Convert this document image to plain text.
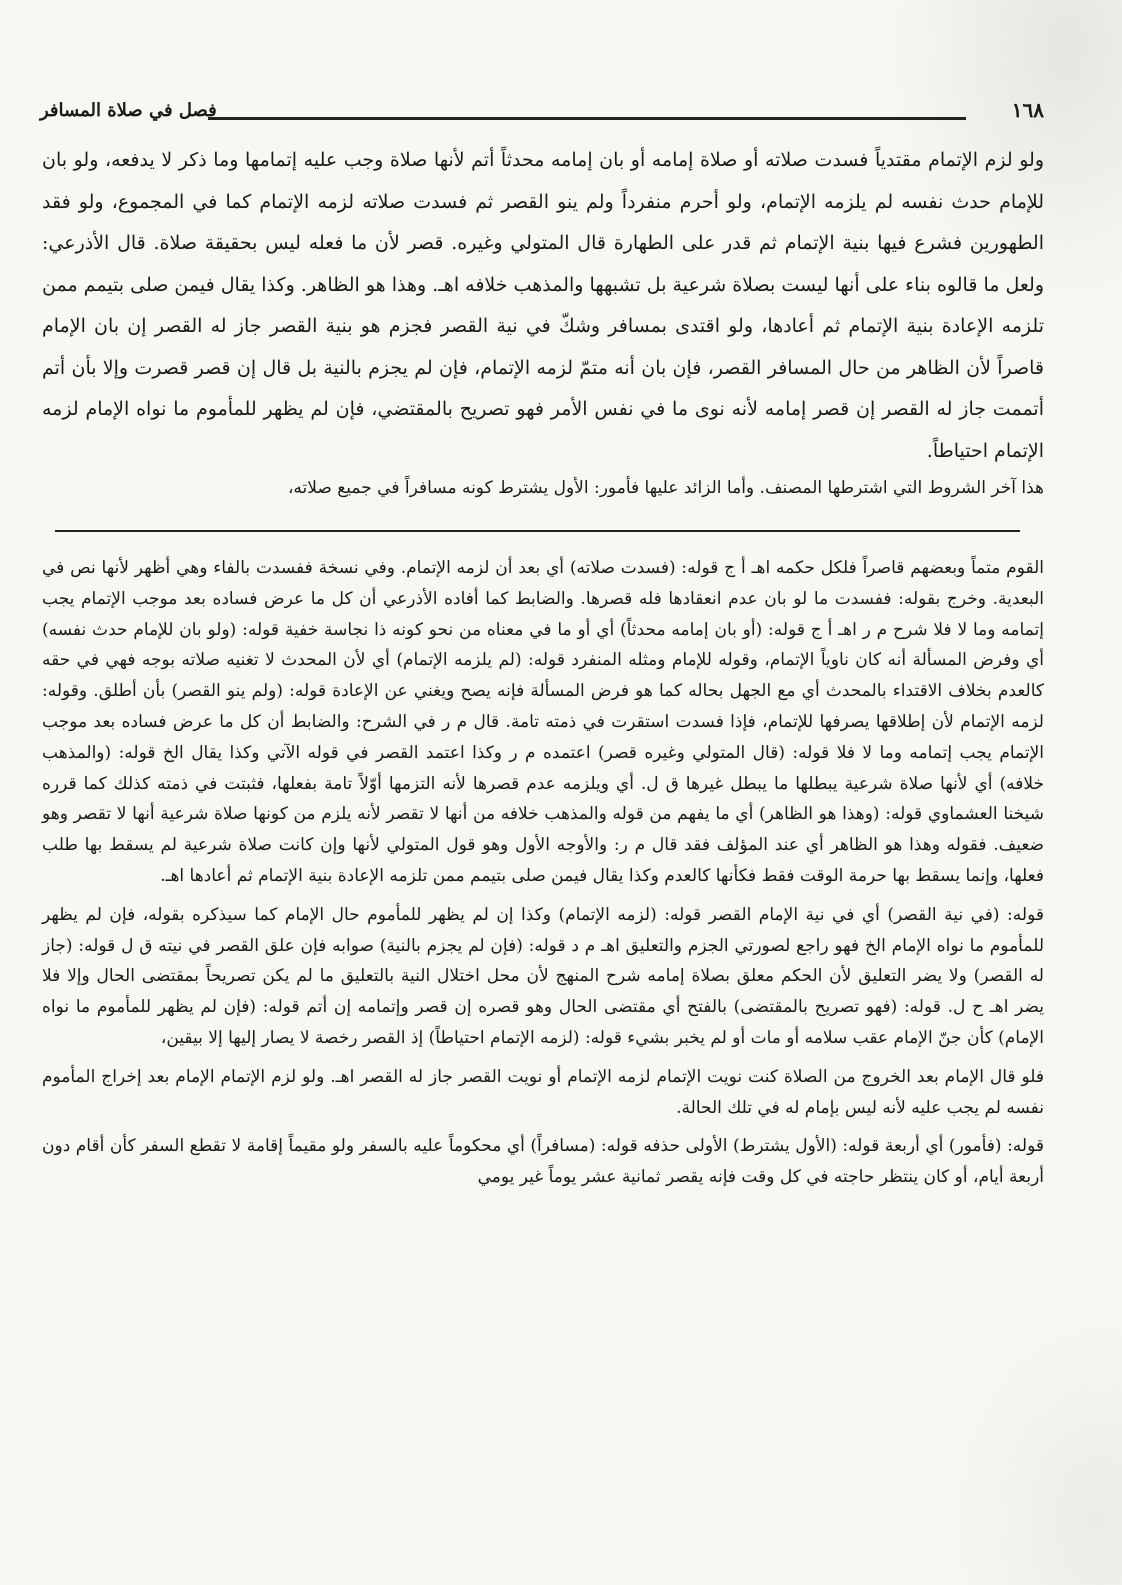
١٦٨
فصل في صلاة المسافر

ولو لزم الإتمام مقتدياً فسدت صلاته أو صلاة إمامه أو بان إمامه محدثاً أتم لأنها صلاة وجب عليه إتمامها وما ذكر لا يدفعه، ولو بان للإمام حدث نفسه لم يلزمه الإتمام، ولو أحرم منفرداً ولم ينو القصر ثم فسدت صلاته لزمه الإتمام كما في المجموع، ولو فقد الطهورين فشرع فيها بنية الإتمام ثم قدر على الطهارة قال المتولي وغيره. قصر لأن ما فعله ليس بحقيقة صلاة. قال الأذرعي: ولعل ما قالوه بناء على أنها ليست بصلاة شرعية بل تشبهها والمذهب خلافه اهـ. وهذا هو الظاهر. وكذا يقال فيمن صلى بتيمم ممن تلزمه الإعادة بنية الإتمام ثم أعادها، ولو اقتدى بمسافر وشكّ في نية القصر فجزم هو بنية القصر جاز له القصر إن بان الإمام قاصراً لأن الظاهر من حال المسافر القصر، فإن بان أنه متمّ لزمه الإتمام، فإن لم يجزم بالنية بل قال إن قصر قصرت وإلا بأن أتم أتممت جاز له القصر إن قصر إمامه لأنه نوى ما في نفس الأمر فهو تصريح بالمقتضي، فإن لم يظهر للمأموم ما نواه الإمام لزمه الإتمام احتياطاً.

هذا آخر الشروط التي اشترطها المصنف. وأما الزائد عليها فأمور: الأول يشترط كونه مسافراً في جميع صلاته،

القوم متماً وبعضهم قاصراً فلكل حكمه اهـ أ ج قوله: (فسدت صلاته) أي بعد أن لزمه الإتمام. وفي نسخة ففسدت بالفاء وهي أظهر لأنها نص في البعدية. وخرج بقوله: ففسدت ما لو بان عدم انعقادها فله قصرها. والضابط كما أفاده الأذرعي أن كل ما عرض فساده بعد موجب الإتمام يجب إتمامه وما لا فلا شرح م ر اهـ أ ج قوله: (أو بان إمامه محدثاً) أي أو ما في معناه من نحو كونه ذا نجاسة خفية قوله: (ولو بان للإمام حدث نفسه) أي وفرض المسألة أنه كان ناوياً الإتمام، وقوله للإمام ومثله المنفرد قوله: (لم يلزمه الإتمام) أي لأن المحدث لا تغنيه صلاته بوجه فهي في حقه كالعدم بخلاف الاقتداء بالمحدث أي مع الجهل بحاله كما هو فرض المسألة فإنه يصح ويغني عن الإعادة قوله: (ولم ينو القصر) بأن أطلق. وقوله: لزمه الإتمام لأن إطلاقها يصرفها للإتمام، فإذا فسدت استقرت في ذمته تامة. قال م ر في الشرح: والضابط أن كل ما عرض فساده بعد موجب الإتمام يجب إتمامه وما لا فلا قوله: (قال المتولي وغيره قصر) اعتمده م ر وكذا اعتمد القصر في قوله الآتي وكذا يقال الخ قوله: (والمذهب خلافه) أي لأنها صلاة شرعية يبطلها ما يبطل غيرها ق ل. أي ويلزمه عدم قصرها لأنه التزمها أوّلاً تامة بفعلها، فثبتت في ذمته كذلك كما قرره شيخنا العشماوي قوله: (وهذا هو الظاهر) أي ما يفهم من قوله والمذهب خلافه من أنها لا تقصر لأنه يلزم من كونها صلاة شرعية أنها لا تقصر وهو ضعيف. فقوله وهذا هو الظاهر أي عند المؤلف فقد قال م ر: والأوجه الأول وهو قول المتولي لأنها وإن كانت صلاة شرعية لم يسقط بها طلب فعلها، وإنما يسقط بها حرمة الوقت فقط فكأنها كالعدم وكذا يقال فيمن صلى بتيمم ممن تلزمه الإعادة بنية الإتمام ثم أعادها اهـ.

قوله: (في نية القصر) أي في نية الإمام القصر قوله: (لزمه الإتمام) وكذا إن لم يظهر للمأموم حال الإمام كما سيذكره بقوله، فإن لم يظهر للمأموم ما نواه الإمام الخ فهو راجع لصورتي الجزم والتعليق اهـ م د قوله: (فإن لم يجزم بالنية) صوابه فإن علق القصر في نيته ق ل قوله: (جاز له القصر) ولا يضر التعليق لأن الحكم معلق بصلاة إمامه شرح المنهج لأن محل اختلال النية بالتعليق ما لم يكن تصريحاً بمقتضى الحال وإلا فلا يضر اهـ ح ل. قوله: (فهو تصريح بالمقتضى) بالفتح أي مقتضى الحال وهو قصره إن قصر وإتمامه إن أتم قوله: (فإن لم يظهر للمأموم ما نواه الإمام) كأن جنّ الإمام عقب سلامه أو مات أو لم يخبر بشيء قوله: (لزمه الإتمام احتياطاً) إذ القصر رخصة لا يصار إليها إلا بيقين،

فلو قال الإمام بعد الخروج من الصلاة كنت نويت الإتمام لزمه الإتمام أو نويت القصر جاز له القصر اهـ. ولو لزم الإتمام الإمام بعد إخراج المأموم نفسه لم يجب عليه لأنه ليس بإمام له في تلك الحالة.

قوله: (فأمور) أي أربعة قوله: (الأول يشترط) الأولى حذفه قوله: (مسافراً) أي محكوماً عليه بالسفر ولو مقيماً إقامة لا تقطع السفر كأن أقام دون أربعة أيام، أو كان ينتظر حاجته في كل وقت فإنه يقصر ثمانية عشر يوماً غير يومي
